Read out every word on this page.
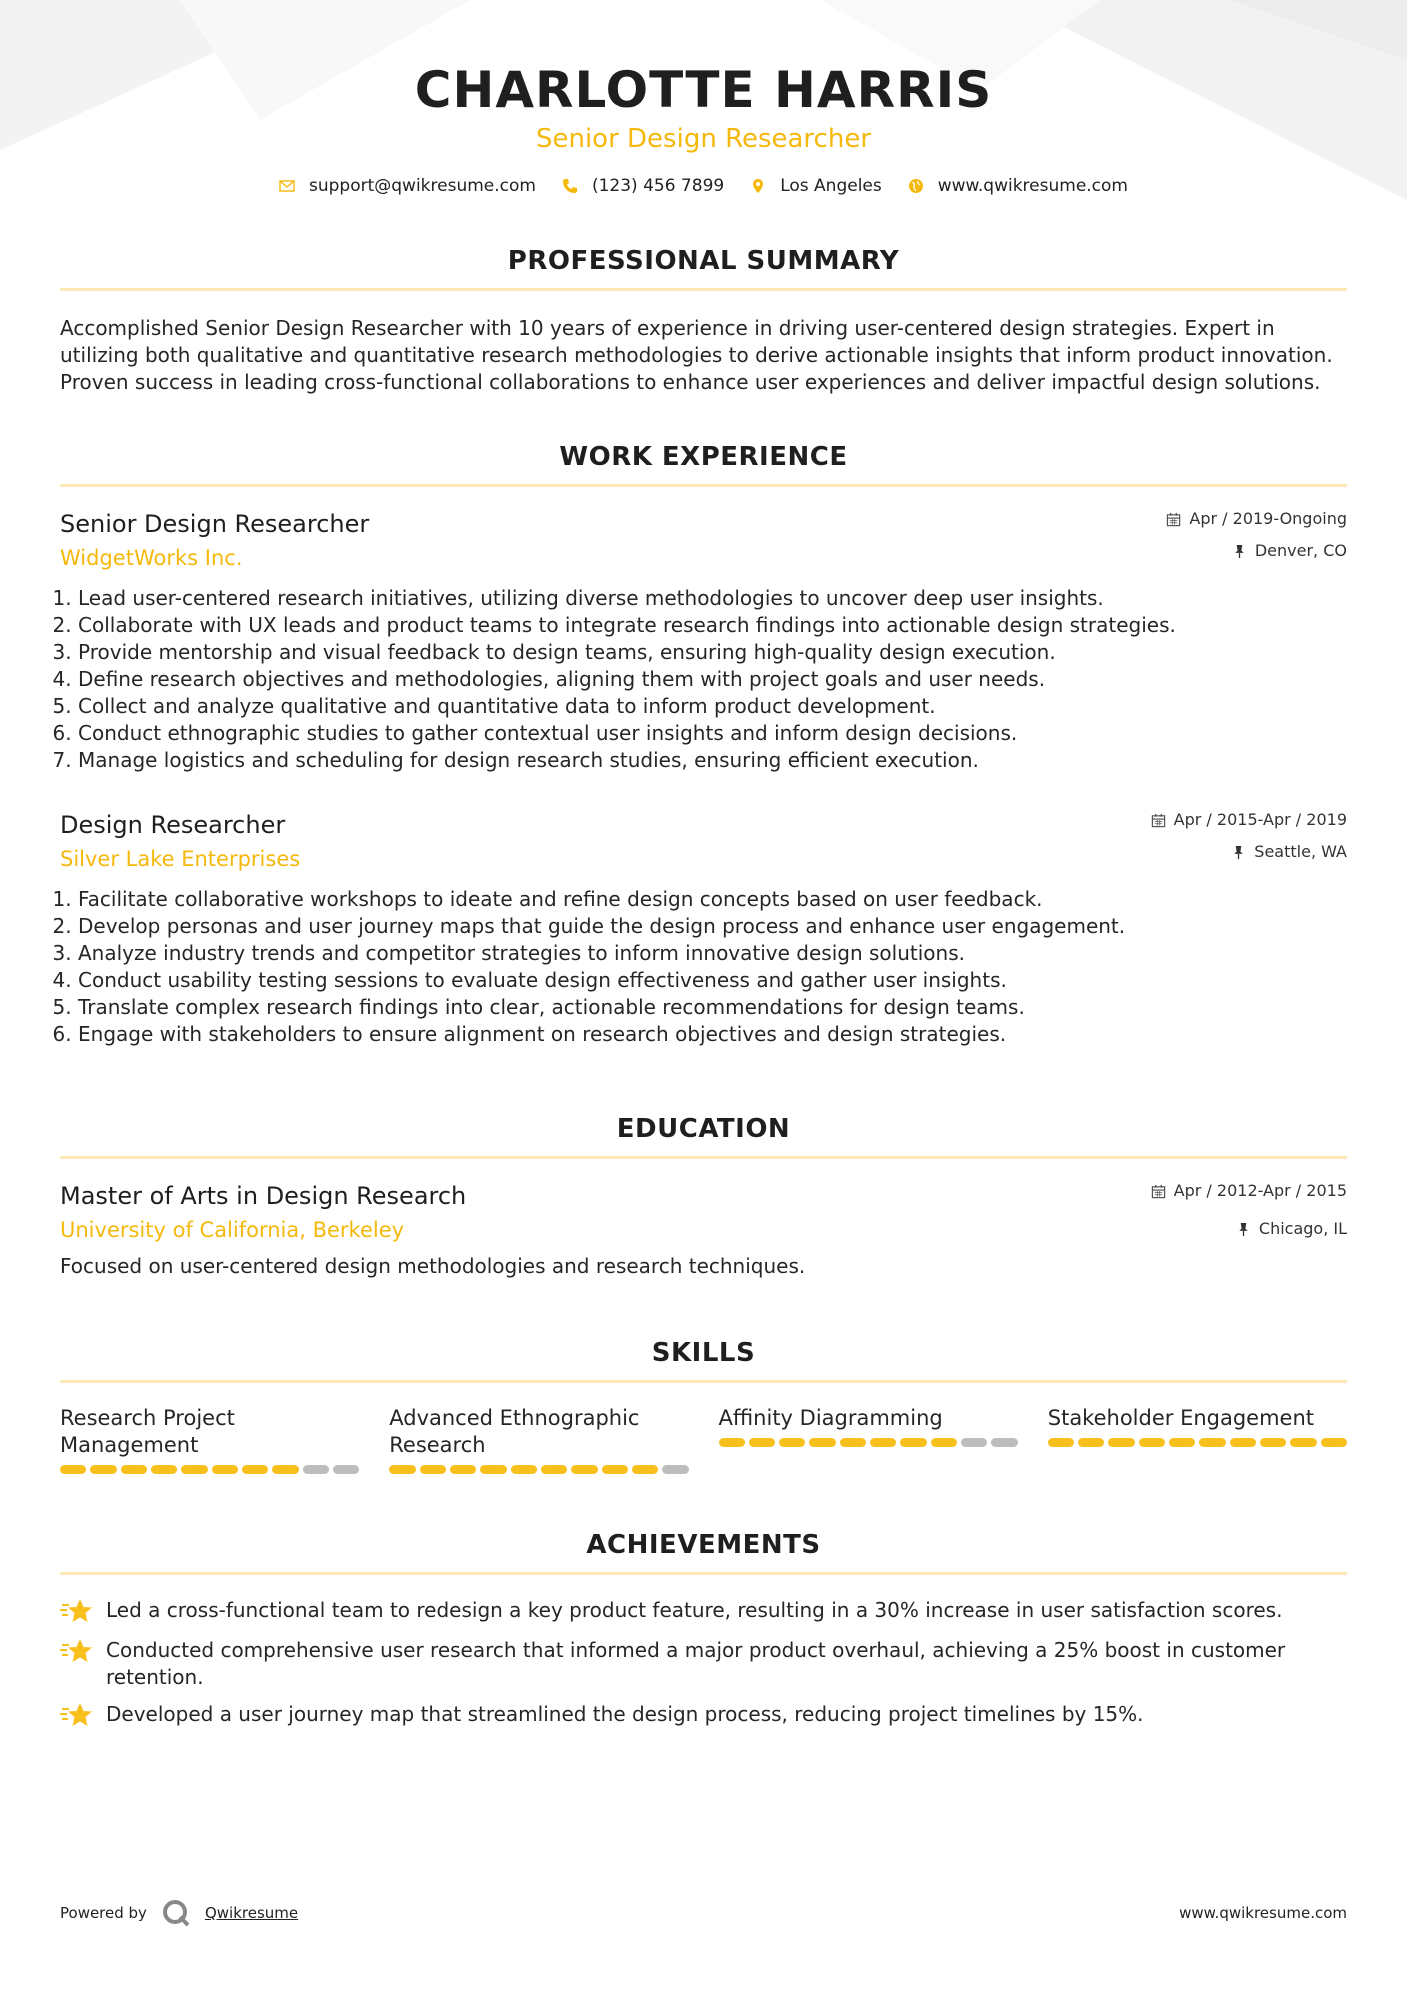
CHARLOTTE HARRIS
Senior Design Researcher
support@qwikresume.com	(123) 456 7899	Los Angeles	www.qwikresume.com
PROFESSIONAL SUMMARY
Accomplished Senior Design Researcher with 10 years of experience in driving user-centered design strategies. Expert in utilizing both qualitative and quantitative research methodologies to derive actionable insights that inform product innovation. Proven success in leading cross-functional collaborations to enhance user experiences and deliver impactful design solutions.
WORK EXPERIENCE
Senior Design Researcher
WidgetWorks Inc.
Apr / 2019-Ongoing
Denver, CO
1. Lead user-centered research initiatives, utilizing diverse methodologies to uncover deep user insights.
2. Collaborate with UX leads and product teams to integrate research findings into actionable design strategies.
3. Provide mentorship and visual feedback to design teams, ensuring high-quality design execution.
4. Define research objectives and methodologies, aligning them with project goals and user needs.
5. Collect and analyze qualitative and quantitative data to inform product development.
6. Conduct ethnographic studies to gather contextual user insights and inform design decisions.
7. Manage logistics and scheduling for design research studies, ensuring efficient execution.
Design Researcher
Silver Lake Enterprises
Apr / 2015-Apr / 2019
Seattle, WA
1. Facilitate collaborative workshops to ideate and refine design concepts based on user feedback.
2. Develop personas and user journey maps that guide the design process and enhance user engagement.
3. Analyze industry trends and competitor strategies to inform innovative design solutions.
4. Conduct usability testing sessions to evaluate design effectiveness and gather user insights.
5. Translate complex research findings into clear, actionable recommendations for design teams.
6. Engage with stakeholders to ensure alignment on research objectives and design strategies.
EDUCATION
Master of Arts in Design Research
University of California, Berkeley
Apr / 2012-Apr / 2015
Chicago, IL
Focused on user-centered design methodologies and research techniques.
SKILLS
Research Project Management
Advanced Ethnographic Research
Affinity Diagramming	Stakeholder Engagement
ACHIEVEMENTS
Led a cross-functional team to redesign a key product feature, resulting in a 30% increase in user satisfaction scores.
Conducted comprehensive user research that informed a major product overhaul, achieving a 25% boost in customer retention.
Developed a user journey map that streamlined the design process, reducing project timelines by 15%.
Powered by	Qwikresume	www.qwikresume.com
